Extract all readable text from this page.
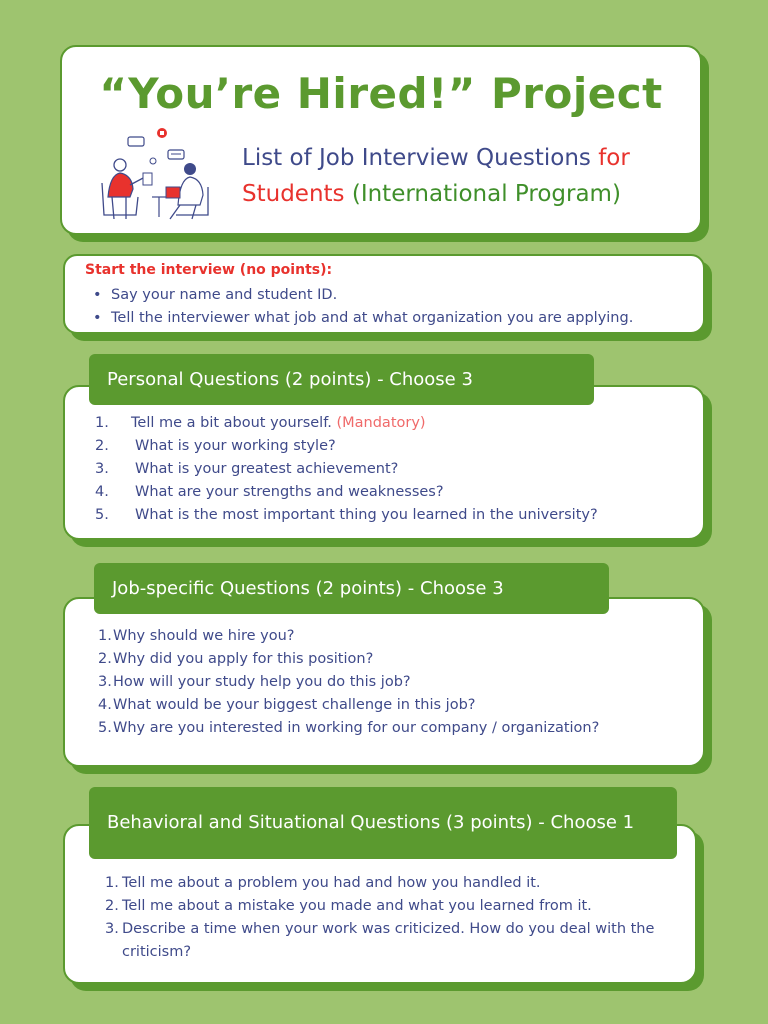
“You’re Hired!” Project
List of Job Interview Questions for
Students (International Program)
Start the interview (no points):
• Say your name and student ID.
• Tell the interviewer what job and at what organization you are applying.
1. Tell me a bit about yourself. (Mandatory)
2. What is your working style?
3. What is your greatest achievement?
4. What are your strengths and weaknesses?
5. What is the most important thing you learned in the university?
Personal Questions (2 points) - Choose 3
1.Why should we hire you?
2.Why did you apply for this position?
3.How will your study help you do this job?
4.What would be your biggest challenge in this job?
5.Why are you interested in working for our company / organization?
Job-specific Questions (2 points) - Choose 3
1. Tell me about a problem you had and how you handled it.
2. Tell me about a mistake you made and what you learned from it.
3. Describe a time when your work was criticized. How do you deal with the criticism?
Behavioral and Situational Questions (3 points) - Choose 1
